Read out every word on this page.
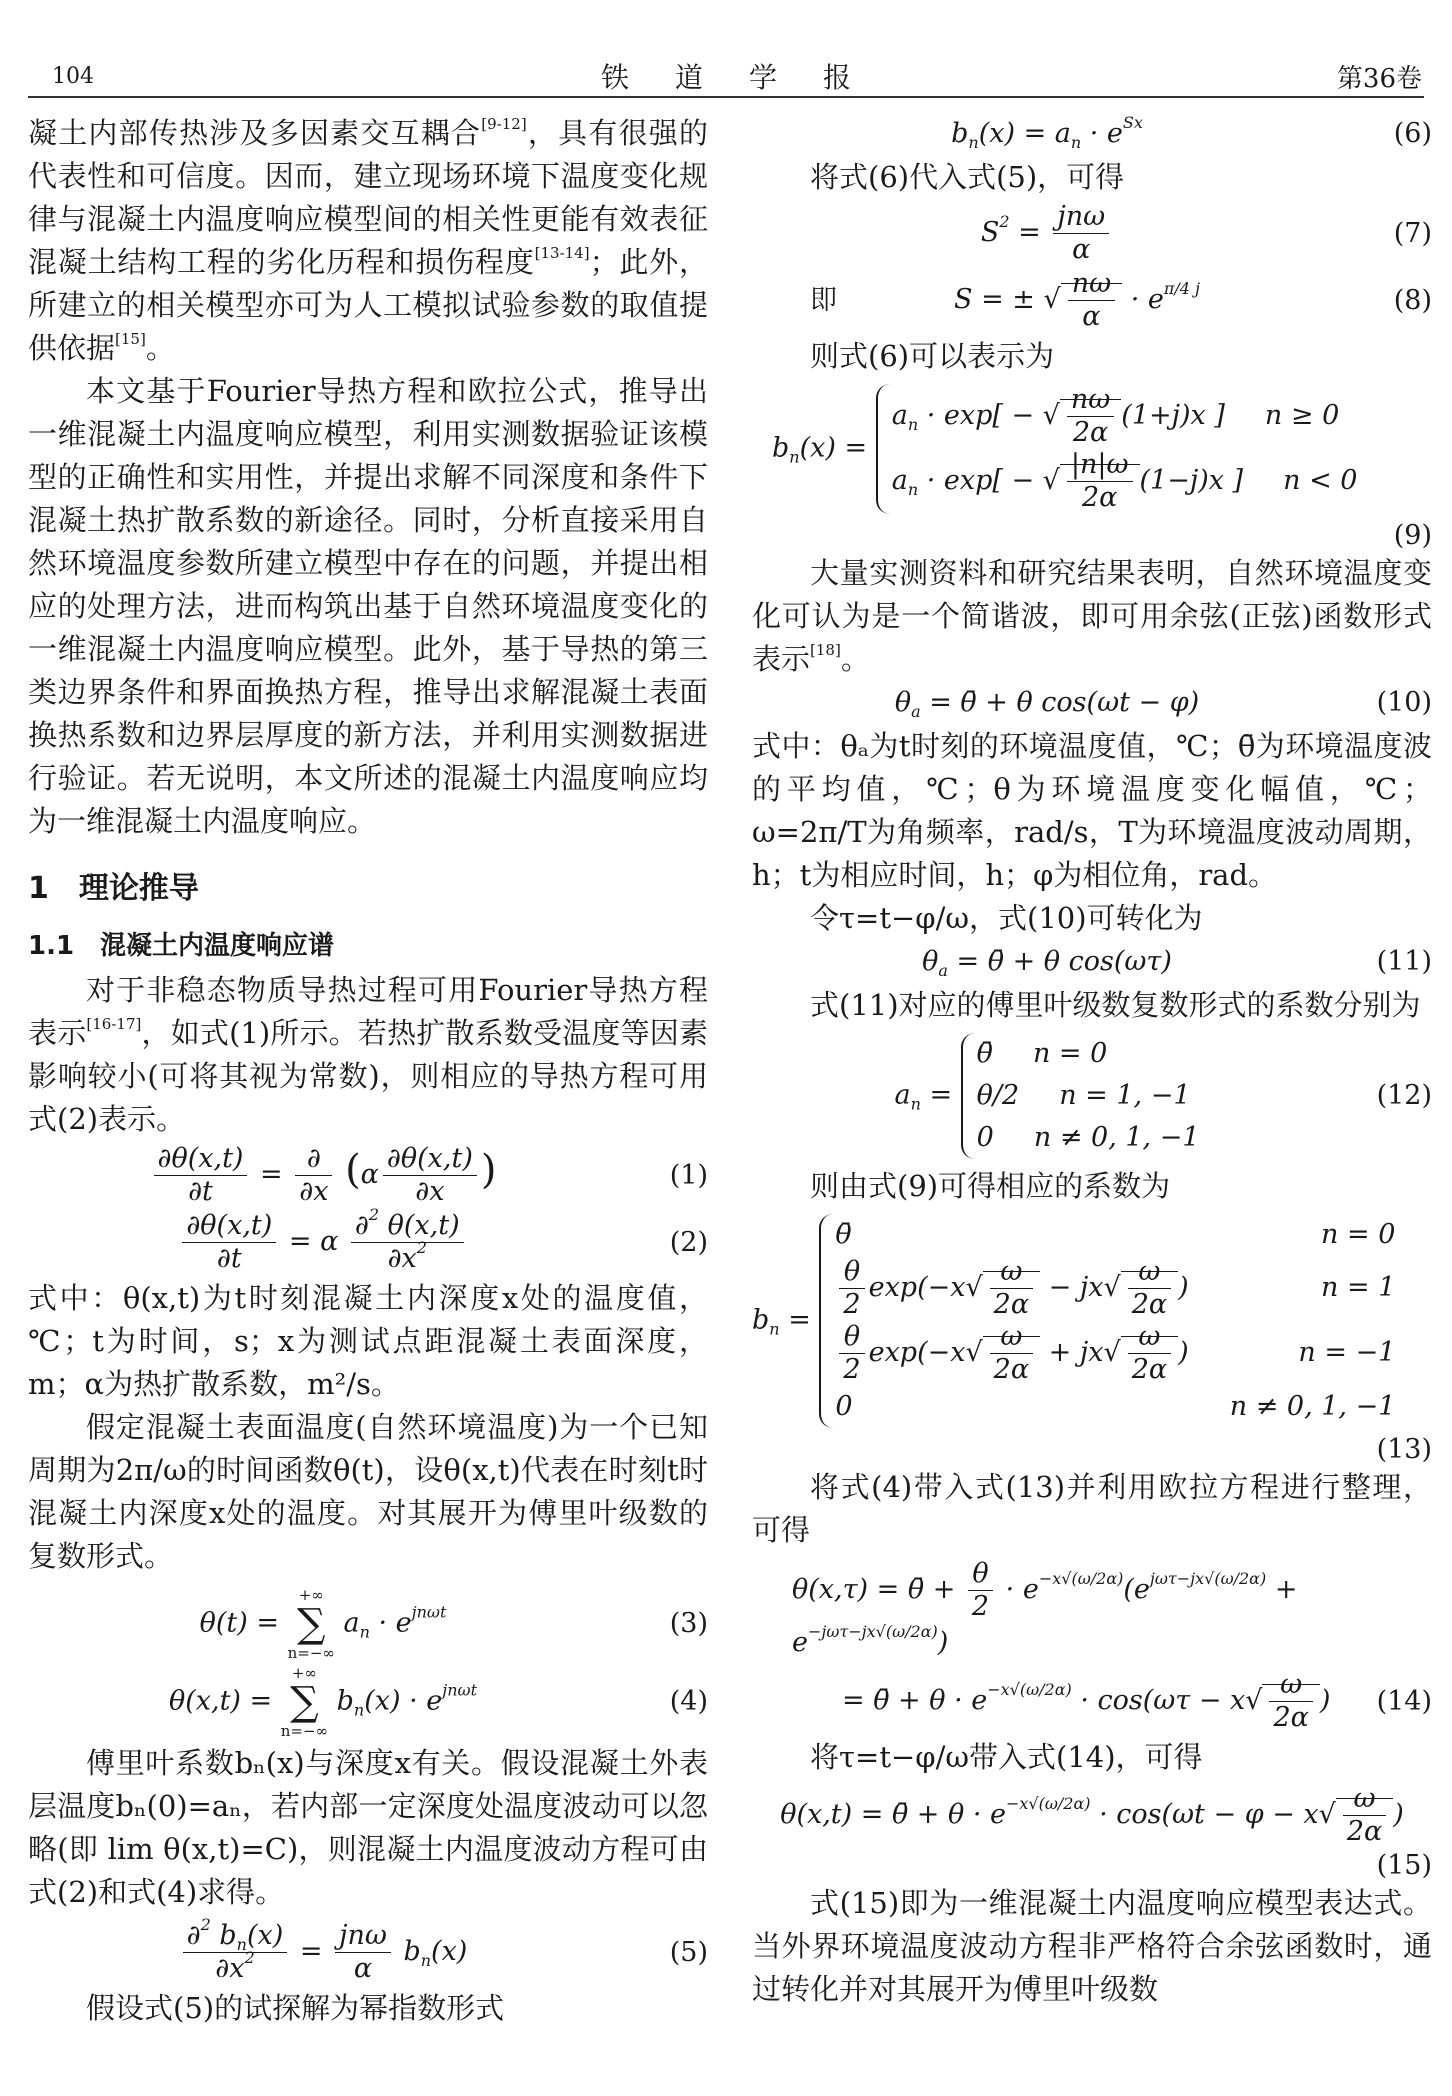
104	铁道学报	第36卷

凝土内部传热涉及多因素交互耦合[9-12]，具有很强的代表性和可信度。因而，建立现场环境下温度变化规律与混凝土内温度响应模型间的相关性更能有效表征混凝土结构工程的劣化历程和损伤程度[13-14]；此外，所建立的相关模型亦可为人工模拟试验参数的取值提供依据[15]。

本文基于Fourier导热方程和欧拉公式，推导出一维混凝土内温度响应模型，利用实测数据验证该模型的正确性和实用性，并提出求解不同深度和条件下混凝土热扩散系数的新途径。同时，分析直接采用自然环境温度参数所建立模型中存在的问题，并提出相应的处理方法，进而构筑出基于自然环境温度变化的一维混凝土内温度响应模型。此外，基于导热的第三类边界条件和界面换热方程，推导出求解混凝土表面换热系数和边界层厚度的新方法，并利用实测数据进行验证。若无说明，本文所述的混凝土内温度响应均为一维混凝土内温度响应。

1　理论推导
1.1　混凝土内温度响应谱

对于非稳态物质导热过程可用Fourier导热方程表示[16-17]，如式(1)所示。若热扩散系数受温度等因素影响较小(可将其视为常数)，则相应的导热方程可用式(2)表示。

$\frac{\partial\theta(x,t)}{\partial t} = \frac{\partial}{\partial x} (\alpha \frac{\partial\theta(x,t)}{\partial x}$ )	(1)
$\frac{\partial\theta(x,t)}{\partial t} = \alpha \frac{\partial^2 \theta(x,t)}{\partial x^2}$	(2)

式中：θ(x,t)为t时刻混凝土内深度x处的温度值，℃；t为时间，s；x为测试点距混凝土表面深度，m；α为热扩散系数，m²/s。

假定混凝土表面温度(自然环境温度)为一个已知周期为2π/ω的时间函数θ(t)，设θ(x,t)代表在时刻t时混凝土内深度x处的温度。对其展开为傅里叶级数的复数形式。

θ(t) =
+∞
∑
n=−∞
$a_n \cdot e^{jn\omega t}$	(3)
θ(x,t) =
+∞
∑
n=−∞
$b_n(x) \cdot e^{jn\omega t}$	(4)

傅里叶系数bₙ(x)与深度x有关。假设混凝土外表层温度bₙ(0)=aₙ，若内部一定深度处温度波动可以忽略(即 lim θ(x,t)=C)，则混凝土内温度波动方程可由式(2)和式(4)求得。

$\frac{\partial^2 b_n(x)}{\partial x^2} = \frac{\text{jnω}}{\alpha} b_n(x)$	(5)

假设式(5)的试探解为幂指数形式

$b_n(x) = a_n \cdot e^{Sx}$	(6)

将式(6)代入式(5)，可得

$S^2 = \frac{\text{jnω}}{\alpha}$	(7)
即	S = ± √ $\frac{n\omega}{\alpha} \cdot e^{\pi/4 j}$	(8)

则式(6)可以表示为

$b_n(x)$ =
$a_n \cdot \exp$[ − √ $\frac{n\omega}{2\alpha} (1+j)x$ ] n ≥ 0
$a_n \cdot \exp$[ − √ $\frac{|n|\omega}{2\alpha} (1-j)x$ ] n < 0
(9)

大量实测资料和研究结果表明，自然环境温度变化可认为是一个简谐波，即可用余弦(正弦)函数形式表示[18]。

$\theta_a$ = θ̄ + θ cos(ωt − φ)	(10)

式中：θₐ为t时刻的环境温度值，℃；θ̄为环境温度波的平均值，℃；θ为环境温度变化幅值，℃；ω=2π/T为角频率，rad/s，T为环境温度波动周期，h；t为相应时间，h；φ为相位角，rad。

令τ=t−φ/ω，式(10)可转化为

$\theta_a$ = θ̄ + θ cos(ωτ)	(11)

式(11)对应的傅里叶级数复数形式的系数分别为

$a_n$ =
θ̄ n = 0
θ/2 n = 1, −1
0 n ≠ 0, 1, −1
(12)

则由式(9)可得相应的系数为

$b_n$ =
θ̄	n = 0
$\frac{\theta}{2} \exp(-x√ \frac{\omega}{2\alpha} - jx√ \frac{\omega}{2\alpha}$ )	n = 1
$\frac{\theta}{2} \exp(-x√ \frac{\omega}{2\alpha} + jx√ \frac{\omega}{2\alpha}$ )	n = −1
0	n ≠ 0, 1, −1
(13)

将式(4)带入式(13)并利用欧拉方程进行整理，可得

θ(x,τ) = θ̄ + $\frac{\theta}{2} \cdot e^{-x√(\omega/2\alpha)}(e^{j\omega\tau-jx√(\omega/2\alpha)} + e^{-j\omega\tau-jx√(\omega/2\alpha)})$
= θ̄ + $\theta \cdot e^{-x√(\omega/2\alpha)} \cdot \cos(\omega\tau - x√ \frac{\omega}{2\alpha}$ )	(14)

将τ=t−φ/ω带入式(14)，可得

θ(x,t) = θ̄ + $\theta \cdot e^{-x√(\omega/2\alpha)} \cdot \cos(\omega t - \varphi - x√ \frac{\omega}{2\alpha}$ )
(15)

式(15)即为一维混凝土内温度响应模型表达式。当外界环境温度波动方程非严格符合余弦函数时，通过转化并对其展开为傅里叶级数
